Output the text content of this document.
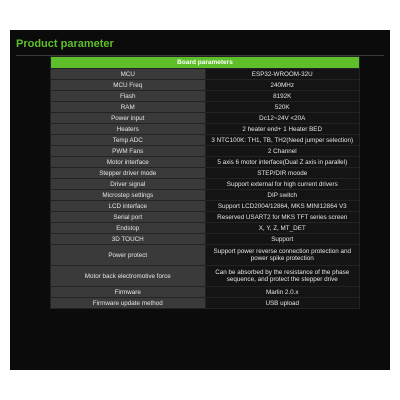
Product parameter
Board parameters	
MCU	ESP32-WROOM-32U
MCU Freq	240MHz
Flash	8192K
RAM	520K
Power input	Dc12~24V <20A
Heaters	2 heater end+ 1 Heater BED
Temp ADC	3 NTC100K: TH1, TB, TH2(Need jumper selection)
PWM Fans	2 Channel
Motor interface	5 axis 6 motor interface(Dual Z axis in parallel)
Stepper driver mode	STEP/DIR moode
Driver signal	Support external for high current drivers
Microstep settings	DIP switch
LCD interface	Support LCD2004/12864, MKS MINI12864 V3
Serial port	Reserved USART2 for MKS TFT series screen
Endstop	X, Y, Z, MT_DET
3D TOUCH	Support
Power protect	Support power reverse connection protection and power spike protection
Motor back electromotive force	Can be absorbed by the resistance of the phase sequence, and protect the stepper drive
Firmware	Marlin 2.0.x
Firmware update method	USB upload
